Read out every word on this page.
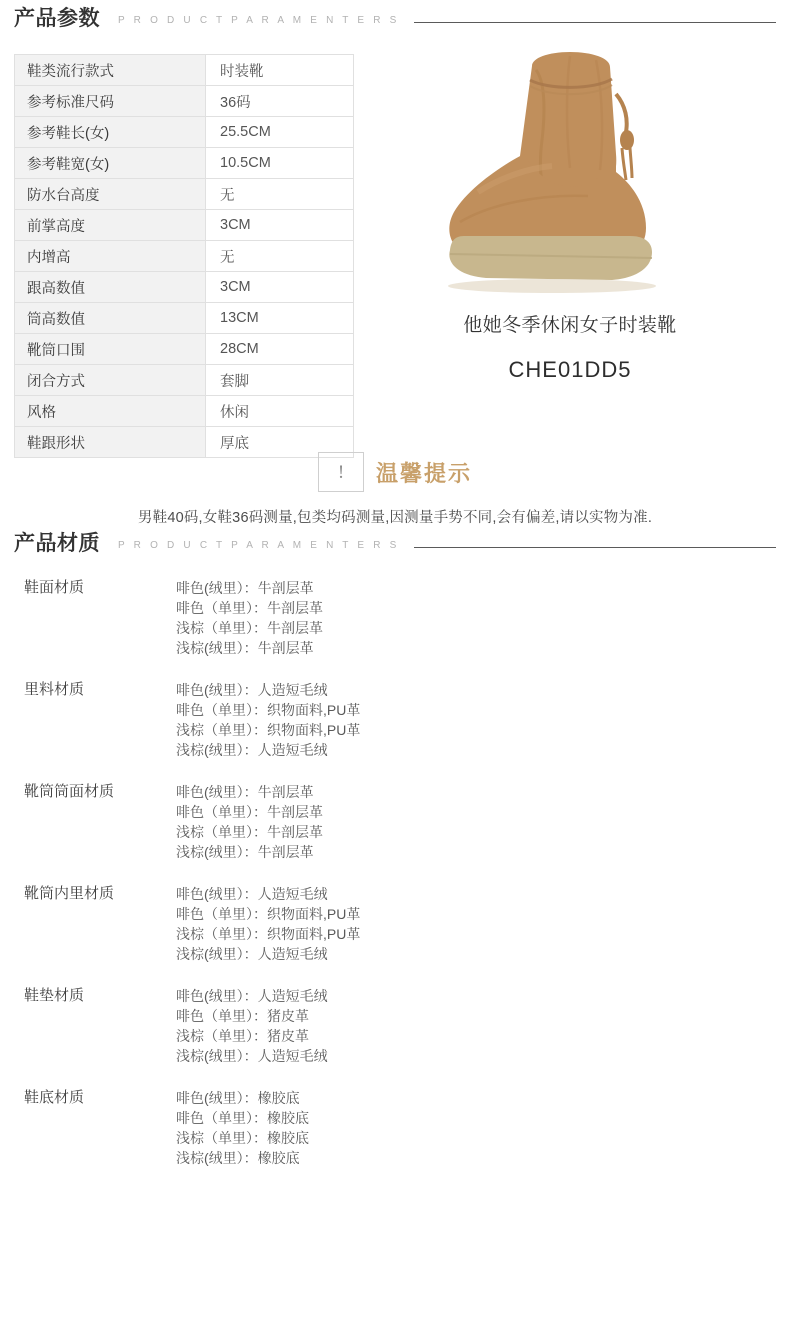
产品参数 P R O D U C T P A R A M E N T E R S
鞋类流行款式	时装靴
参考标准尺码	36码
参考鞋长(女)	25.5CM
参考鞋宽(女)	10.5CM
防水台高度	无
前掌高度	3CM
内增高	无
跟高数值	3CM
筒高数值	13CM
靴筒口围	28CM
闭合方式	套脚
风格	休闲
鞋跟形状	厚底
他她冬季休闲女子时装靴
CHE01DD5
!	温馨提示
男鞋40码,女鞋36码测量,包类均码测量,因测量手势不同,会有偏差,请以实物为准.
产品材质 P R O D U C T P A R A M E N T E R S
鞋面材质	啡色(绒里）：牛剖层革
啡色（单里）：牛剖层革
浅棕（单里）：牛剖层革
浅棕(绒里）：牛剖层革
里料材质	啡色(绒里）：人造短毛绒
啡色（单里）：织物面料,PU革
浅棕（单里）：织物面料,PU革
浅棕(绒里）：人造短毛绒
靴筒筒面材质	啡色(绒里）：牛剖层革
啡色（单里）：牛剖层革
浅棕（单里）：牛剖层革
浅棕(绒里）：牛剖层革
靴筒内里材质	啡色(绒里）：人造短毛绒
啡色（单里）：织物面料,PU革
浅棕（单里）：织物面料,PU革
浅棕(绒里）：人造短毛绒
鞋垫材质	啡色(绒里）：人造短毛绒
啡色（单里）：猪皮革
浅棕（单里）：猪皮革
浅棕(绒里）：人造短毛绒
鞋底材质	啡色(绒里）：橡胶底
啡色（单里）：橡胶底
浅棕（单里）：橡胶底
浅棕(绒里）：橡胶底
